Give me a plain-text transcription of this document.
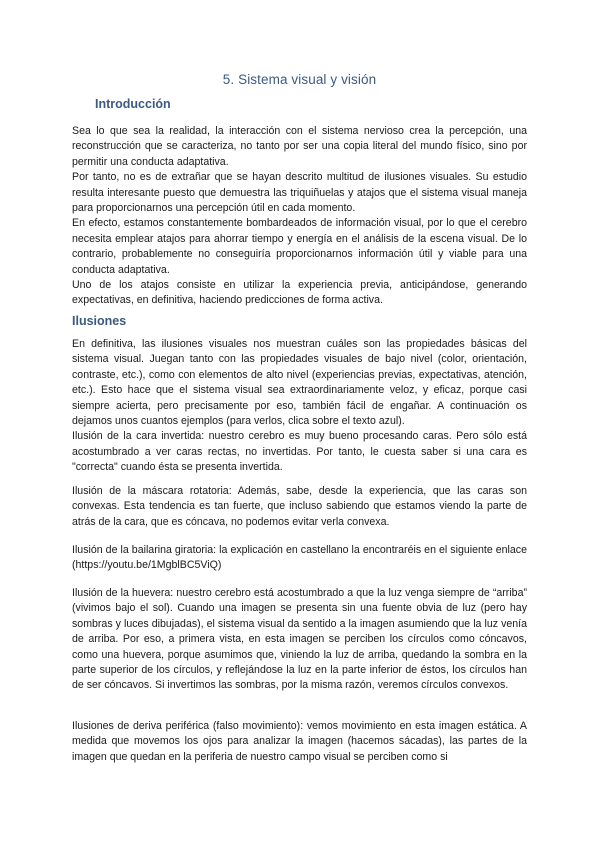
5. Sistema visual y visión
Introducción

Sea lo que sea la realidad, la interacción con el sistema nervioso crea la percepción, una reconstrucción que se caracteriza, no tanto por ser una copia literal del mundo físico, sino por permitir una conducta adaptativa.

Por tanto, no es de extrañar que se hayan descrito multitud de ilusiones visuales. Su estudio resulta interesante puesto que demuestra las triquiñuelas y atajos que el sistema visual maneja para proporcionarnos una percepción útil en cada momento.

En efecto, estamos constantemente bombardeados de información visual, por lo que el cerebro necesita emplear atajos para ahorrar tiempo y energía en el análisis de la escena visual. De lo contrario, probablemente no conseguiría proporcionarnos información útil y viable para una conducta adaptativa.

Uno de los atajos consiste en utilizar la experiencia previa, anticipándose, generando expectativas, en definitiva, haciendo predicciones de forma activa.

Ilusiones

En definitiva, las ilusiones visuales nos muestran cuáles son las propiedades básicas del sistema visual. Juegan tanto con las propiedades visuales de bajo nivel (color, orientación, contraste, etc.), como con elementos de alto nivel (experiencias previas, expectativas, atención, etc.). Esto hace que el sistema visual sea extraordinariamente veloz, y eficaz, porque casi siempre acierta, pero precisamente por eso, también fácil de engañar. A continuación os dejamos unos cuantos ejemplos (para verlos, clica sobre el texto azul).

Ilusión de la cara invertida: nuestro cerebro es muy bueno procesando caras. Pero sólo está acostumbrado a ver caras rectas, no invertidas. Por tanto, le cuesta saber si una cara es "correcta" cuando ésta se presenta invertida.

Ilusión de la máscara rotatoria: Además, sabe, desde la experiencia, que las caras son convexas. Esta tendencia es tan fuerte, que incluso sabiendo que estamos viendo la parte de atrás de la cara, que es cóncava, no podemos evitar verla convexa.

Ilusión de la bailarina giratoria: la explicación en castellano la encontraréis en el siguiente enlace (https://youtu.be/1MgblBC5ViQ)

Ilusión de la huevera: nuestro cerebro está acostumbrado a que la luz venga siempre de “arriba” (vivimos bajo el sol). Cuando una imagen se presenta sin una fuente obvia de luz (pero hay sombras y luces dibujadas), el sistema visual da sentido a la imagen asumiendo que la luz venía de arriba. Por eso, a primera vista, en esta imagen se perciben los círculos como cóncavos, como una huevera, porque asumimos que, viniendo la luz de arriba, quedando la sombra en la parte superior de los círculos, y reflejándose la luz en la parte inferior de éstos, los círculos han de ser cóncavos. Si invertimos las sombras, por la misma razón, veremos círculos convexos.

Ilusiones de deriva periférica (falso movimiento): vemos movimiento en esta imagen estática. A medida que movemos los ojos para analizar la imagen (hacemos sácadas), las partes de la imagen que quedan en la periferia de nuestro campo visual se perciben como si
